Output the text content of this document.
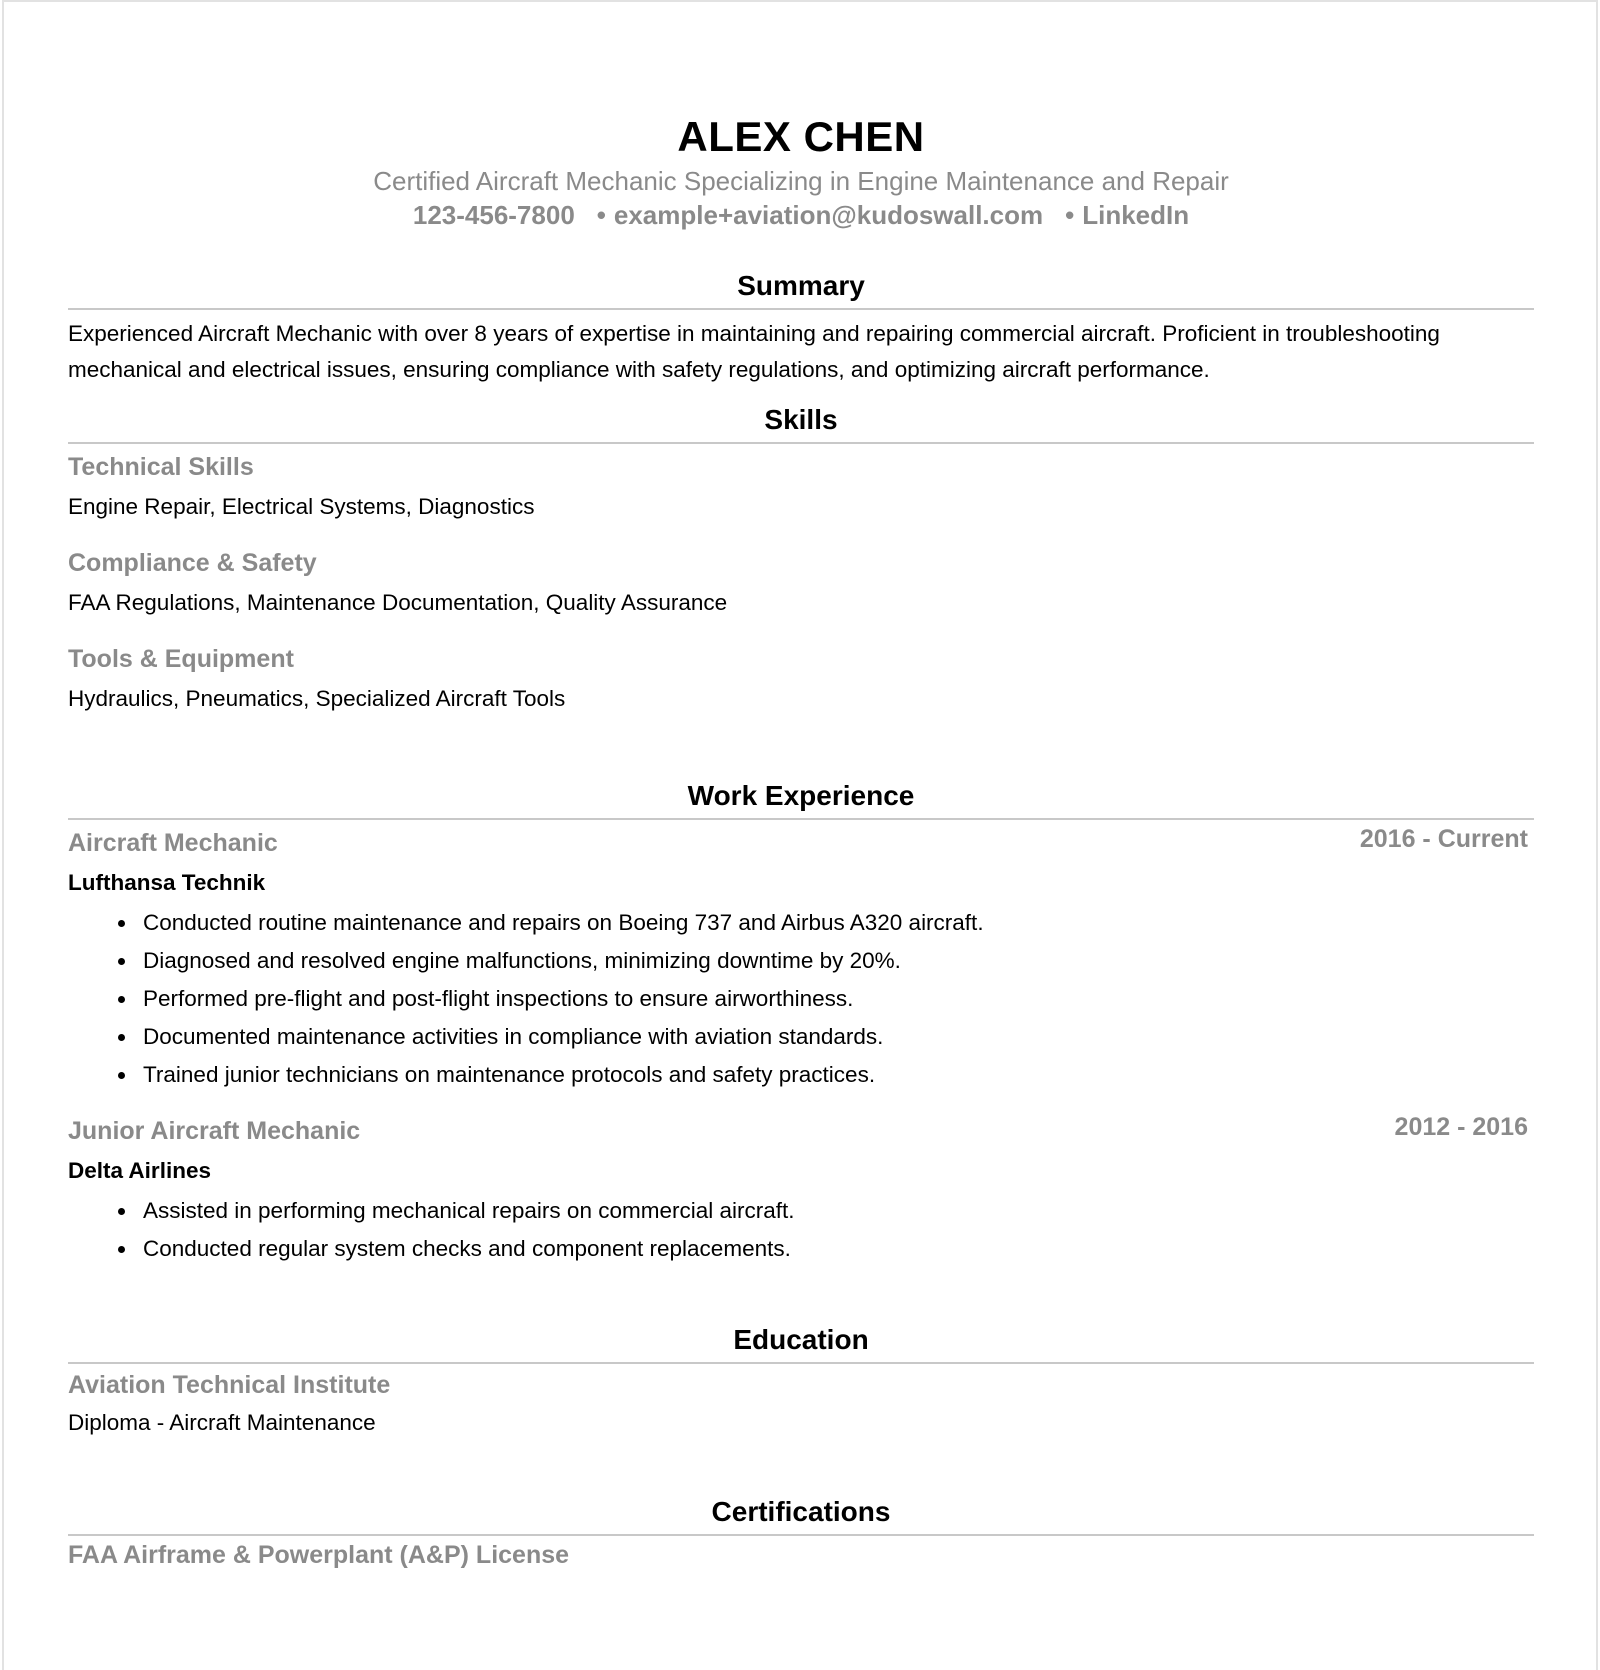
ALEX CHEN
Certified Aircraft Mechanic Specializing in Engine Maintenance and Repair
123-456-7800 • example+aviation@kudoswall.com • LinkedIn
Summary
Experienced Aircraft Mechanic with over 8 years of expertise in maintaining and repairing commercial aircraft. Proficient in troubleshooting mechanical and electrical issues, ensuring compliance with safety regulations, and optimizing aircraft performance.
Skills
Technical Skills
Engine Repair, Electrical Systems, Diagnostics
Compliance & Safety
FAA Regulations, Maintenance Documentation, Quality Assurance
Tools & Equipment
Hydraulics, Pneumatics, Specialized Aircraft Tools
Work Experience
Aircraft Mechanic	2016 - Current
Lufthansa Technik
Conducted routine maintenance and repairs on Boeing 737 and Airbus A320 aircraft.
Diagnosed and resolved engine malfunctions, minimizing downtime by 20%.
Performed pre-flight and post-flight inspections to ensure airworthiness.
Documented maintenance activities in compliance with aviation standards.
Trained junior technicians on maintenance protocols and safety practices.
Junior Aircraft Mechanic	2012 - 2016
Delta Airlines
Assisted in performing mechanical repairs on commercial aircraft.
Conducted regular system checks and component replacements.
Education
Aviation Technical Institute
Diploma - Aircraft Maintenance
Certifications
FAA Airframe & Powerplant (A&P) License
